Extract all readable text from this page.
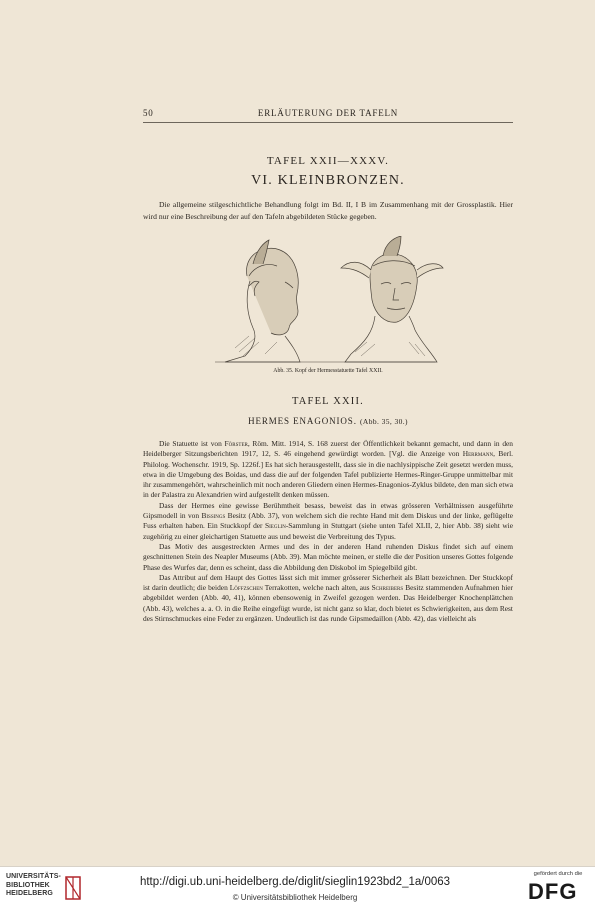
50	ERLÄUTERUNG DER TAFELN
TAFEL XXII—XXXV.
VI. KLEINBRONZEN.

Die allgemeine stilgeschichtliche Behandlung folgt im Bd. II, I B im Zusammenhang mit der Grossplastik. Hier wird nur eine Beschreibung der auf den Tafeln abgebildeten Stücke gegeben.

Abb. 35. Kopf der Hermesstatuette Tafel XXII.
TAFEL XXII.
HERMES ENAGONIOS. (Abb. 35, 30.)

Die Statuette ist von Förster, Röm. Mitt. 1914, S. 168 zuerst der Öffentlichkeit bekannt gemacht, und dann in den Heidelberger Sitzungsberichten 1917, 12, S. 46 eingehend gewürdigt worden. [Vgl. die Anzeige von Herrmann, Berl. Philolog. Wochenschr. 1919, Sp. 1226f.] Es hat sich herausgestellt, dass sie in die nachlysippische Zeit gesetzt werden muss, etwa in die Umgebung des Boidas, und dass die auf der folgenden Tafel publizierte Hermes-Ringer-Gruppe unmittelbar mit ihr zusammengehört, wahrscheinlich mit noch anderen Gliedern einen Hermes-Enagonios-Zyklus bildete, den man sich etwa in der Palastra zu Alexandrien wird aufgestellt denken müssen.

Dass der Hermes eine gewisse Berühmtheit besass, beweist das in etwas grösseren Verhältnissen ausgeführte Gipsmodell in von Bissings Besitz (Abb. 37), von welchem sich die rechte Hand mit dem Diskus und der linke, geflügelte Fuss erhalten haben. Ein Stuckkopf der Sieglin-Sammlung in Stuttgart (siehe unten Tafel XLII, 2, hier Abb. 38) sieht wie zugehörig zu einer gleichartigen Statuette aus und beweist die Verbreitung des Typus.

Das Motiv des ausgestreckten Armes und des in der anderen Hand ruhenden Diskus findet sich auf einem geschnittenen Stein des Neapler Museums (Abb. 39). Man möchte meinen, er stelle die der Position unseres Gottes folgende Phase des Wurfes dar, denn es scheint, dass die Abbildung den Diskobol im Spiegelbild gibt.

Das Attribut auf dem Haupt des Gottes lässt sich mit immer grösserer Sicherheit als Blatt bezeichnen. Der Stuckkopf ist darin deutlich; die beiden Löffzschen Terrakotten, welche nach alten, aus Schreibers Besitz stammenden Aufnahmen hier abgebildet werden (Abb. 40, 41), können ebensowenig in Zweifel gezogen werden. Das Heidelberger Knochenplättchen (Abb. 43), welches a. a. O. in die Reihe eingefügt wurde, ist nicht ganz so klar, doch bietet es Schwierigkeiten, aus dem Rest des Stirnschmuckes eine Feder zu ergänzen. Undeutlich ist das runde Gipsmedaillon (Abb. 42), das vielleicht als

UNIVERSITÄTS-
BIBLIOTHEK
HEIDELBERG
http://digi.ub.uni-heidelberg.de/diglit/sieglin1923bd2_1a/0063
© Universitätsbibliothek Heidelberg
gefördert durch die
DFG
